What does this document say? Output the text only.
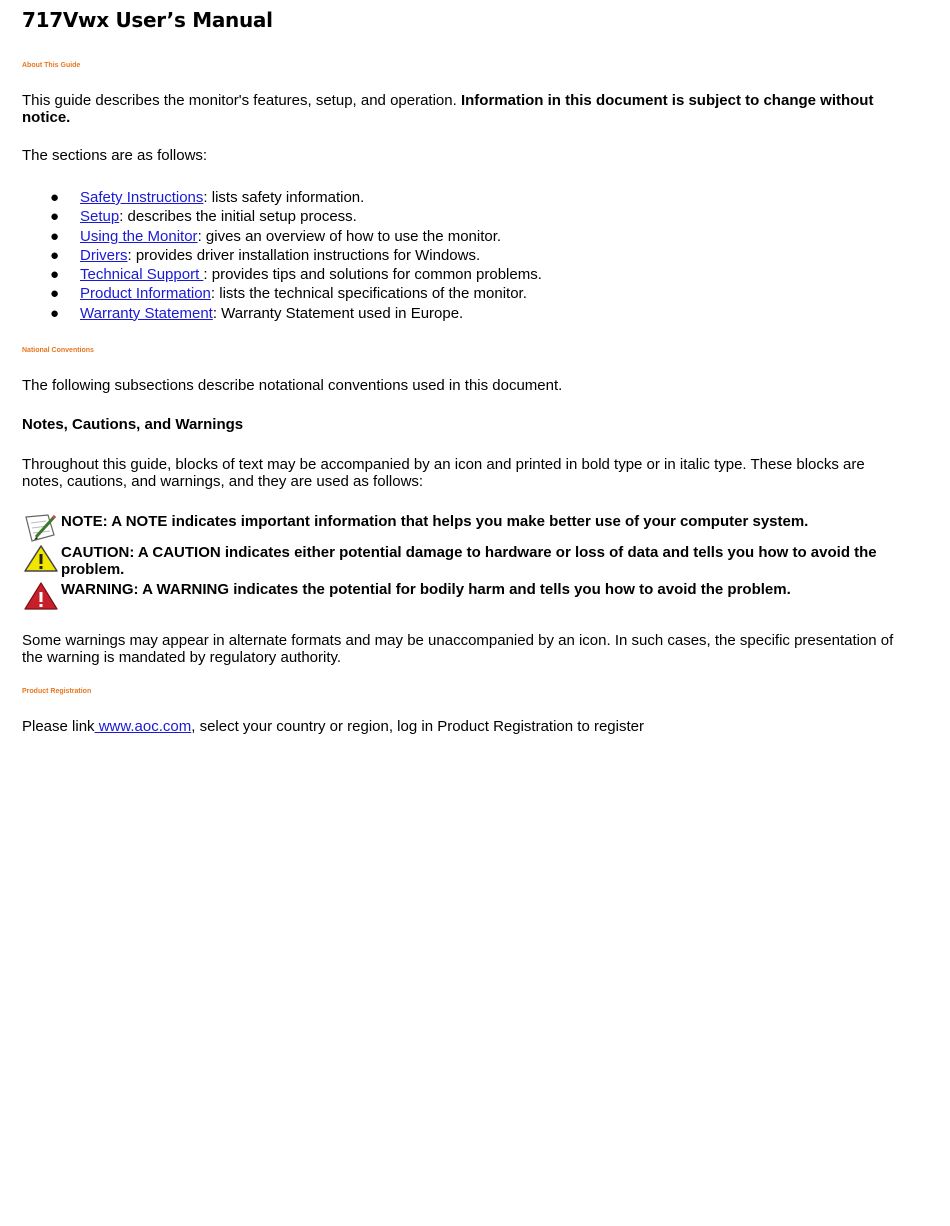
717Vwx User’s Manual
About This Guide
This guide describes the monitor's features, setup, and operation. Information in this document is subject to change without notice.
The sections are as follows:
● Safety Instructions: lists safety information.
● Setup: describes the initial setup process.
● Using the Monitor: gives an overview of how to use the monitor.
● Drivers: provides driver installation instructions for Windows.
● Technical Support : provides tips and solutions for common problems.
● Product Information: lists the technical specifications of the monitor.
● Warranty Statement: Warranty Statement used in Europe.
National Conventions
The following subsections describe notational conventions used in this document.
Notes, Cautions, and Warnings
Throughout this guide, blocks of text may be accompanied by an icon and printed in bold type or in italic type. These blocks are notes, cautions, and warnings, and they are used as follows:
NOTE: A NOTE indicates important information that helps you make better use of your computer system.
CAUTION: A CAUTION indicates either potential damage to hardware or loss of data and tells you how to avoid the problem.
WARNING: A WARNING indicates the potential for bodily harm and tells you how to avoid the problem.
Some warnings may appear in alternate formats and may be unaccompanied by an icon. In such cases, the specific presentation of the warning is mandated by regulatory authority.
Product Registration
Please link www.aoc.com, select your country or region, log in Product Registration to register
